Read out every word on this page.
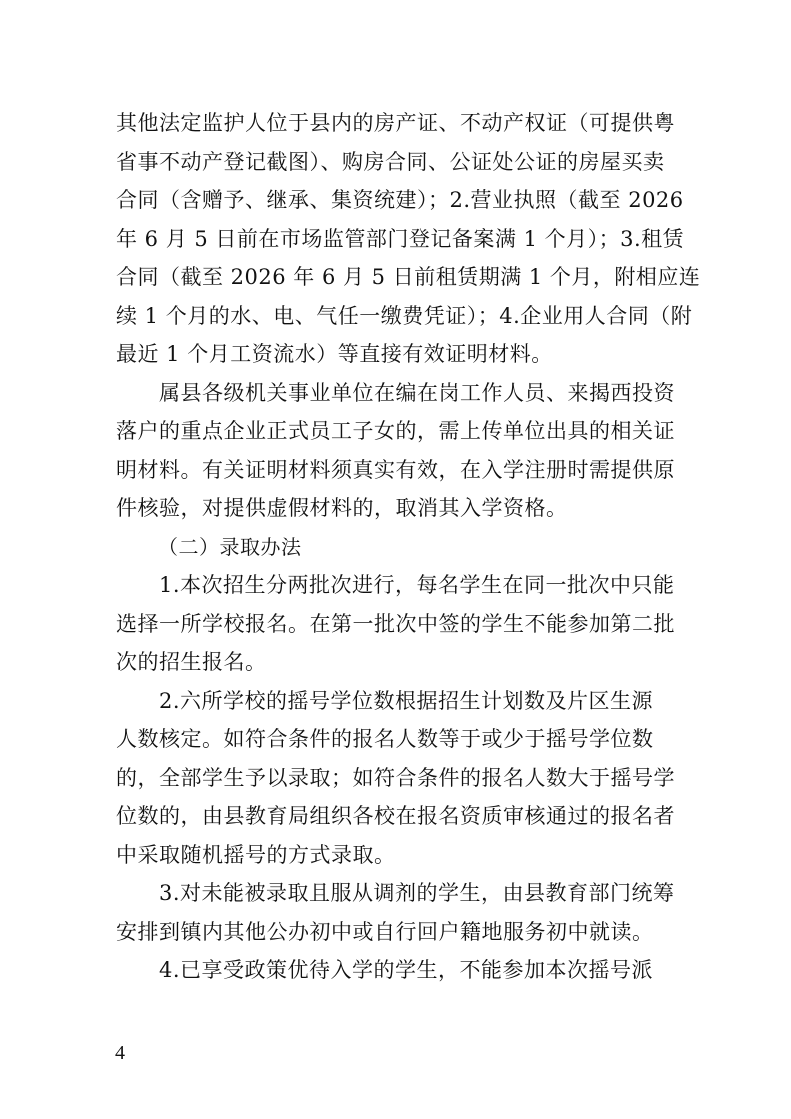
其他法定监护人位于县内的房产证、不动产权证（可提供粤
省事不动产登记截图）、购房合同、公证处公证的房屋买卖
合同（含赠予、继承、集资统建）；2.营业执照（截至 2026
年 6 月 5 日前在市场监管部门登记备案满 1 个月）；3.租赁
合同（截至 2026 年 6 月 5 日前租赁期满 1 个月，附相应连
续 1 个月的水、电、气任一缴费凭证）；4.企业用人合同（附
最近 1 个月工资流水）等直接有效证明材料。

　　属县各级机关事业单位在编在岗工作人员、来揭西投资
落户的重点企业正式员工子女的，需上传单位出具的相关证
明材料。有关证明材料须真实有效，在入学注册时需提供原
件核验，对提供虚假材料的，取消其入学资格。

（二）录取办法

　　1.本次招生分两批次进行，每名学生在同一批次中只能
选择一所学校报名。在第一批次中签的学生不能参加第二批
次的招生报名。

　　2.六所学校的摇号学位数根据招生计划数及片区生源
人数核定。如符合条件的报名人数等于或少于摇号学位数
的，全部学生予以录取；如符合条件的报名人数大于摇号学
位数的，由县教育局组织各校在报名资质审核通过的报名者
中采取随机摇号的方式录取。

　　3.对未能被录取且服从调剂的学生，由县教育部门统筹
安排到镇内其他公办初中或自行回户籍地服务初中就读。

　　4.已享受政策优待入学的学生，不能参加本次摇号派

4
